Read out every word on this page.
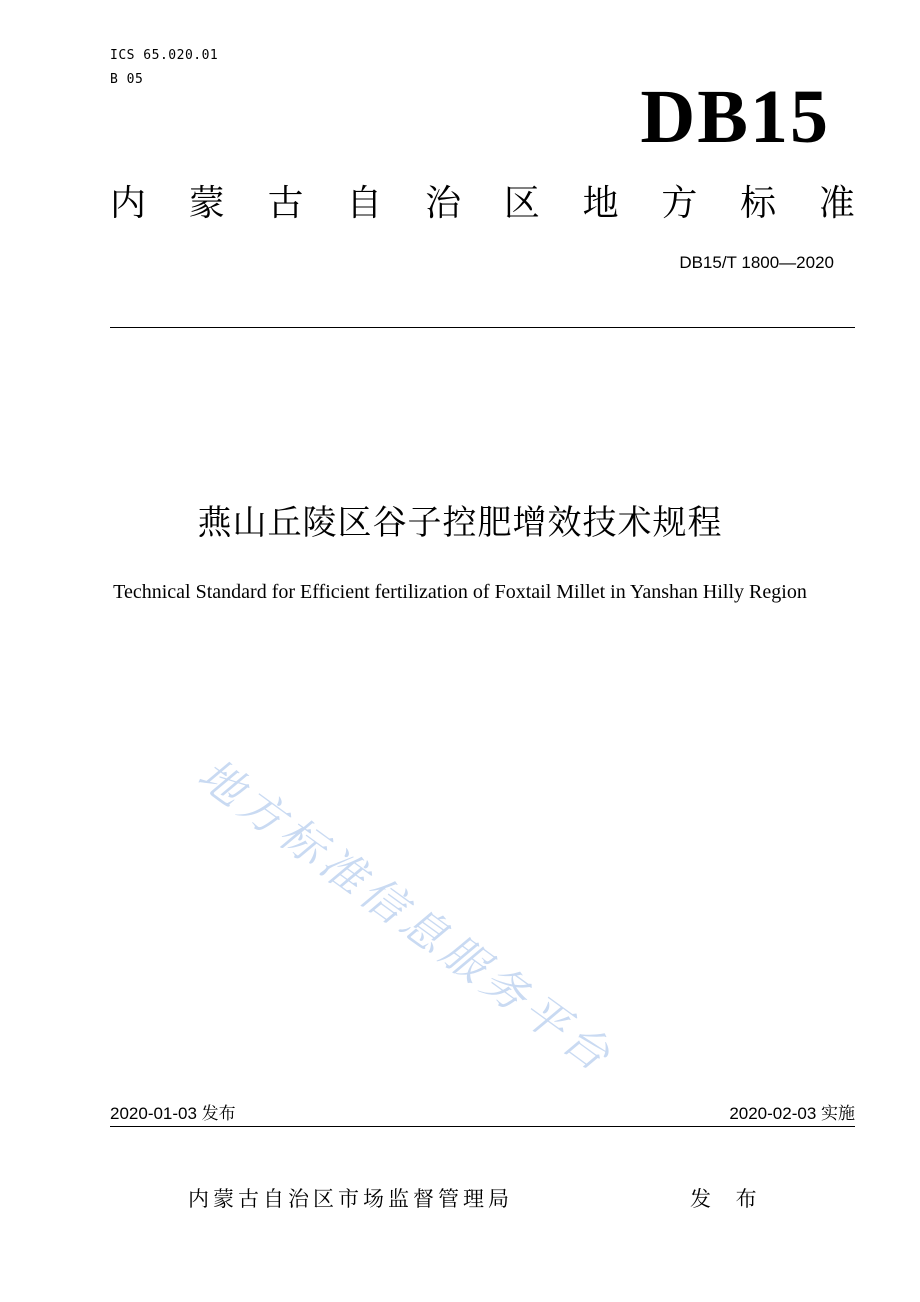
ICS 65.020.01
B 05	DB15
内 蒙 古 自 治 区 地 方 标 准
DB15/T 1800—2020
燕山丘陵区谷子控肥增效技术规程
Technical Standard for Efficient fertilization of Foxtail Millet in Yanshan Hilly Region
地方标准信息服务平台
2020-01-03 发布	2020-02-03 实施
内蒙古自治区市场监督管理局	发 布
